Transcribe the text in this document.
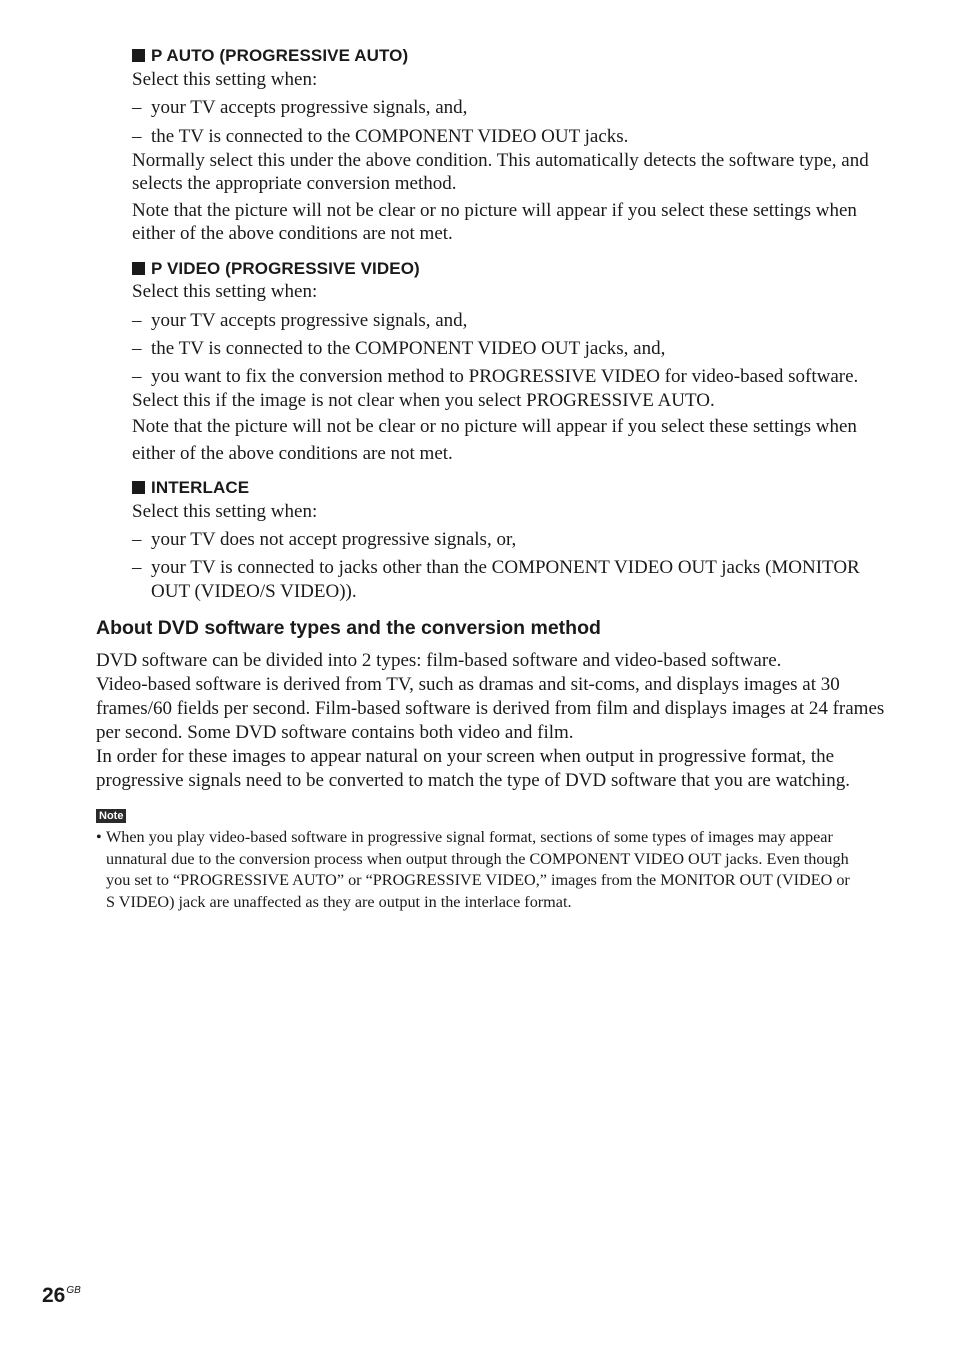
P AUTO (PROGRESSIVE AUTO)
Select this setting when:
– your TV accepts progressive signals, and,
– the TV is connected to the COMPONENT VIDEO OUT jacks.
Normally select this under the above condition. This automatically detects the software type, and
selects the appropriate conversion method.
Note that the picture will not be clear or no picture will appear if you select these settings when
either of the above conditions are not met.
P VIDEO (PROGRESSIVE VIDEO)
Select this setting when:
– your TV accepts progressive signals, and,
– the TV is connected to the COMPONENT VIDEO OUT jacks, and,
– you want to fix the conversion method to PROGRESSIVE VIDEO for video-based software.
Select this if the image is not clear when you select PROGRESSIVE AUTO.
Note that the picture will not be clear or no picture will appear if you select these settings when
either of the above conditions are not met.
INTERLACE
Select this setting when:
– your TV does not accept progressive signals, or,
– your TV is connected to jacks other than the COMPONENT VIDEO OUT jacks (MONITOR
OUT (VIDEO/S VIDEO)).
About DVD software types and the conversion method
DVD software can be divided into 2 types: film-based software and video-based software.
Video-based software is derived from TV, such as dramas and sit-coms, and displays images at 30
frames/60 fields per second. Film-based software is derived from film and displays images at 24 frames
per second. Some DVD software contains both video and film.
In order for these images to appear natural on your screen when output in progressive format, the
progressive signals need to be converted to match the type of DVD software that you are watching.
Note
• When you play video-based software in progressive signal format, sections of some types of images may appear
unnatural due to the conversion process when output through the COMPONENT VIDEO OUT jacks. Even though
you set to “PROGRESSIVE AUTO” or “PROGRESSIVE VIDEO,” images from the MONITOR OUT (VIDEO or
S VIDEO) jack are unaffected as they are output in the interlace format.
$26^{GB}$
